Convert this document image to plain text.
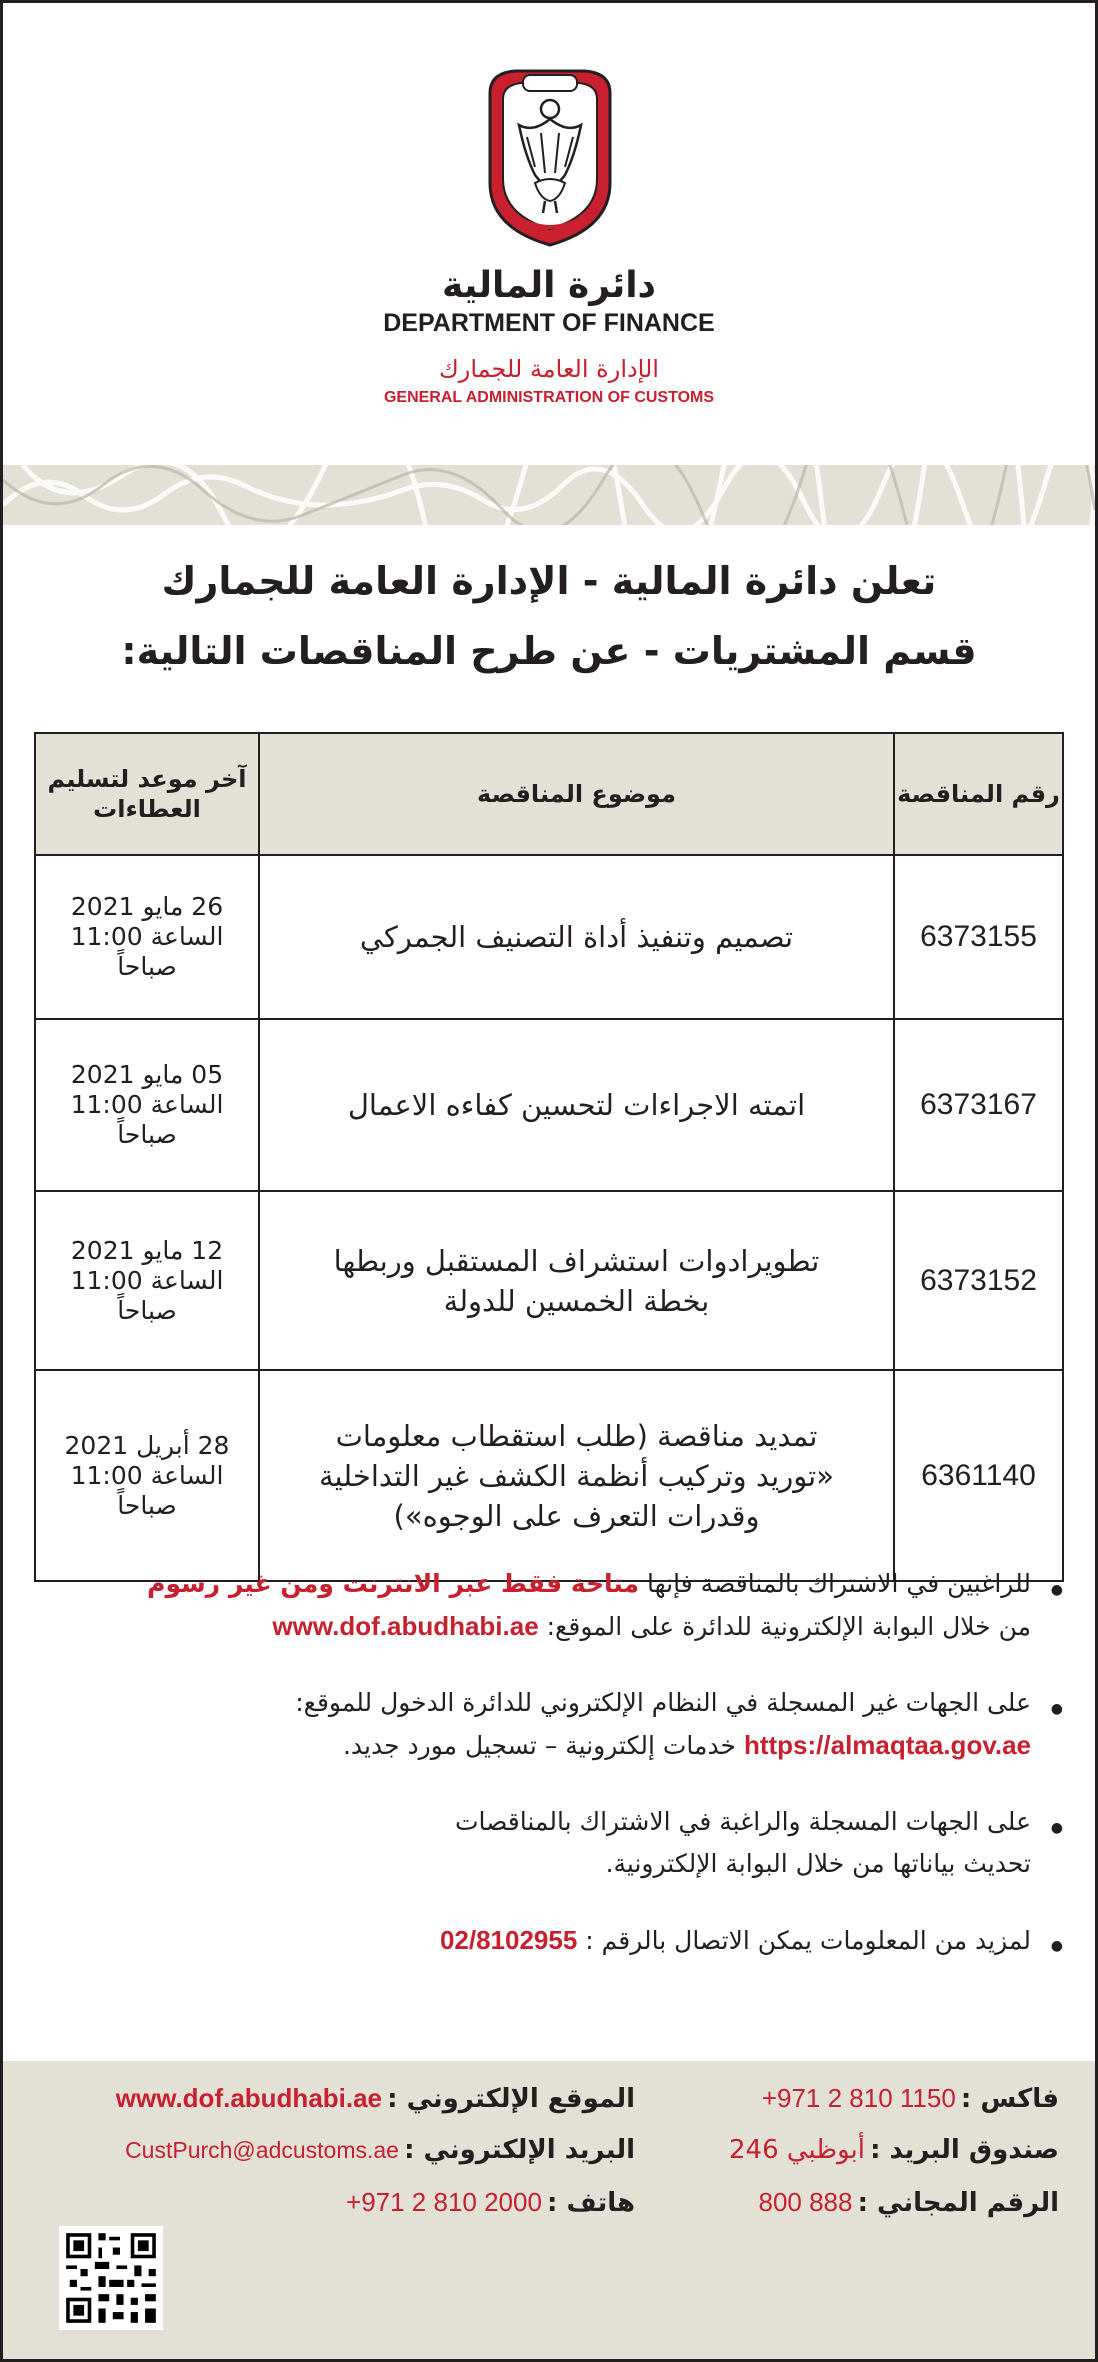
دائرة المالية
DEPARTMENT OF FINANCE
الإدارة العامة للجمارك
GENERAL ADMINISTRATION OF CUSTOMS
تعلن دائرة المالية - الإدارة العامة للجمارك
قسم المشتريات - عن طرح المناقصات التالية:
رقم المناقصة	موضوع المناقصة	آخر موعد لتسليم العطاءات
6373155	تصميم وتنفيذ أداة التصنيف الجمركي	26 مايو 2021
الساعة 11:00
صباحاً

6373167	اتمته الاجراءات لتحسين كفاءه الاعمال	05 مايو 2021
الساعة 11:00
صباحاً

6373152	تطويرادوات استشراف المستقبل وربطها
بخطة الخمسين للدولة	12 مايو 2021
الساعة 11:00
صباحاً

6361140	تمديد مناقصة (طلب استقطاب معلومات
«توريد وتركيب أنظمة الكشف غير التداخلية
وقدرات التعرف على الوجوه»)	28 أبريل 2021
الساعة 11:00
صباحاً
● للراغبين في الاشتراك بالمناقصة فإنها متاحة فقط عبر الانترنت ومن غير رسوم
من خلال البوابة الإلكترونية للدائرة على الموقع: www.dof.abudhabi.ae
● على الجهات غير المسجلة في النظام الإلكتروني للدائرة الدخول للموقع:
https://almaqtaa.gov.ae خدمات إلكترونية – تسجيل مورد جديد.
● على الجهات المسجلة والراغبة في الاشتراك بالمناقصات
تحديث بياناتها من خلال البوابة الإلكترونية.
● لمزيد من المعلومات يمكن الاتصال بالرقم : 02/8102955
فاكس : +971 2 810 1150
صندوق البريد : أبوظبي 246
الرقم المجاني : 800 888
الموقع الإلكتروني : www.dof.abudhabi.ae
البريد الإلكتروني : CustPurch@adcustoms.ae
هاتف : +971 2 810 2000
